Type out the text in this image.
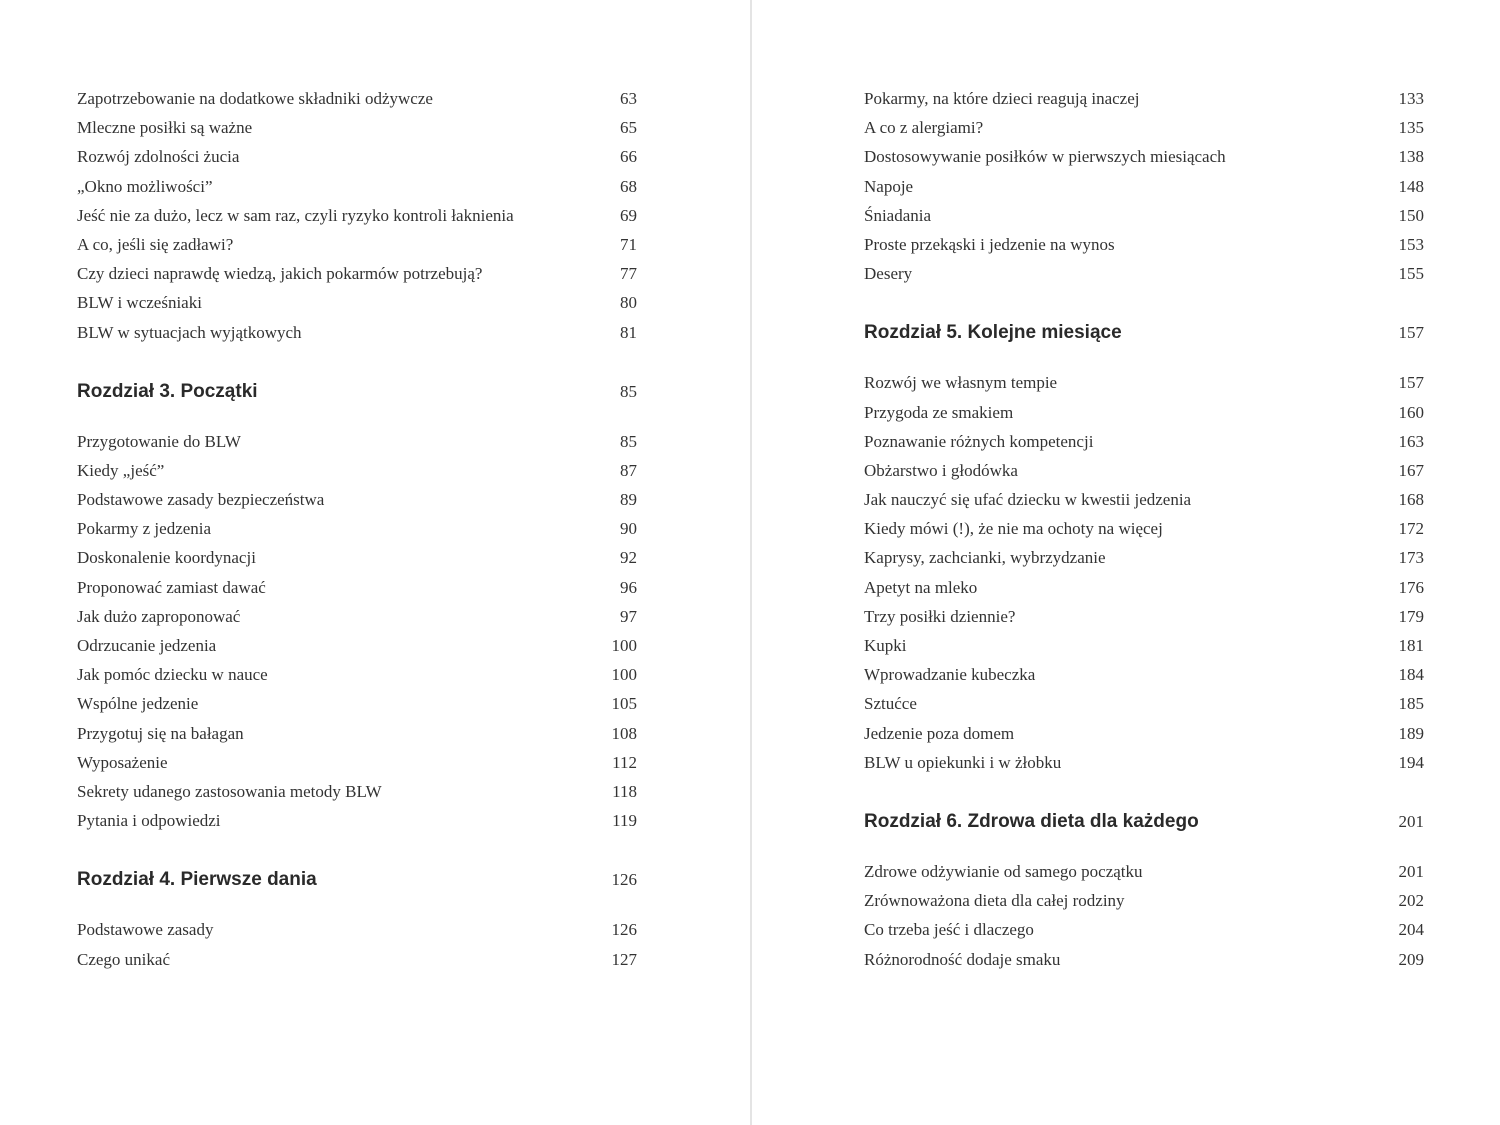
Zapotrzebowanie na dodatkowe składniki odżywcze	63
Mleczne posiłki są ważne	65
Rozwój zdolności żucia	66
„Okno możliwości”	68
Jeść nie za dużo, lecz w sam raz, czyli ryzyko kontroli łaknienia	69
A co, jeśli się zadławi?	71
Czy dzieci naprawdę wiedzą, jakich pokarmów potrzebują?	77
BLW i wcześniaki	80
BLW w sytuacjach wyjątkowych	81
Rozdział 3. Początki	85
Przygotowanie do BLW	85
Kiedy „jeść”	87
Podstawowe zasady bezpieczeństwa	89
Pokarmy z jedzenia	90
Doskonalenie koordynacji	92
Proponować zamiast dawać	96
Jak dużo zaproponować	97
Odrzucanie jedzenia	100
Jak pomóc dziecku w nauce	100
Wspólne jedzenie	105
Przygotuj się na bałagan	108
Wyposażenie	112
Sekrety udanego zastosowania metody BLW	118
Pytania i odpowiedzi	119
Rozdział 4. Pierwsze dania	126
Podstawowe zasady	126
Czego unikać	127
Pokarmy, na które dzieci reagują inaczej	133
A co z alergiami?	135
Dostosowywanie posiłków w pierwszych miesiącach	138
Napoje	148
Śniadania	150
Proste przekąski i jedzenie na wynos	153
Desery	155
Rozdział 5. Kolejne miesiące	157
Rozwój we własnym tempie	157
Przygoda ze smakiem	160
Poznawanie różnych kompetencji	163
Obżarstwo i głodówka	167
Jak nauczyć się ufać dziecku w kwestii jedzenia	168
Kiedy mówi (!), że nie ma ochoty na więcej	172
Kaprysy, zachcianki, wybrzydzanie	173
Apetyt na mleko	176
Trzy posiłki dziennie?	179
Kupki	181
Wprowadzanie kubeczka	184
Sztućce	185
Jedzenie poza domem	189
BLW u opiekunki i w żłobku	194
Rozdział 6. Zdrowa dieta dla każdego	201
Zdrowe odżywianie od samego początku	201
Zrównoważona dieta dla całej rodziny	202
Co trzeba jeść i dlaczego	204
Różnorodność dodaje smaku	209
